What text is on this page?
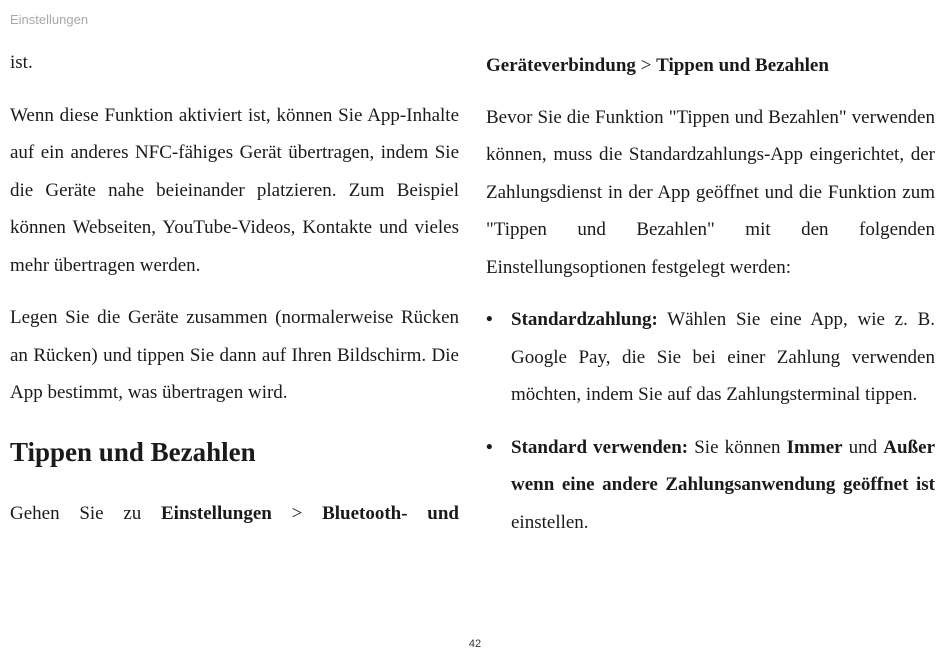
Einstellungen

ist.

Wenn diese Funktion aktiviert ist, können Sie App-Inhalte auf ein anderes NFC-fähiges Gerät übertragen, indem Sie die Geräte nahe beieinander platzieren. Zum Beispiel können Webseiten, YouTube-Videos, Kontakte und vieles mehr übertragen werden.

Legen Sie die Geräte zusammen (normalerweise Rücken an Rücken) und tippen Sie dann auf Ihren Bildschirm. Die App bestimmt, was übertragen wird.

Tippen und Bezahlen

Gehen Sie zu Einstellungen > Bluetooth- und

Geräteverbindung > Tippen und Bezahlen

Bevor Sie die Funktion "Tippen und Bezahlen" verwenden können, muss die Standardzahlungs-App eingerichtet, der Zahlungsdienst in der App geöffnet und die Funktion zum "Tippen und Bezahlen" mit den folgenden Einstellungsoptionen festgelegt werden:

• Standardzahlung: Wählen Sie eine App, wie z. B. Google Pay, die Sie bei einer Zahlung verwenden möchten, indem Sie auf das Zahlungsterminal tippen.
• Standard verwenden: Sie können Immer und Außer wenn eine andere Zahlungsanwendung geöffnet ist einstellen.
42
